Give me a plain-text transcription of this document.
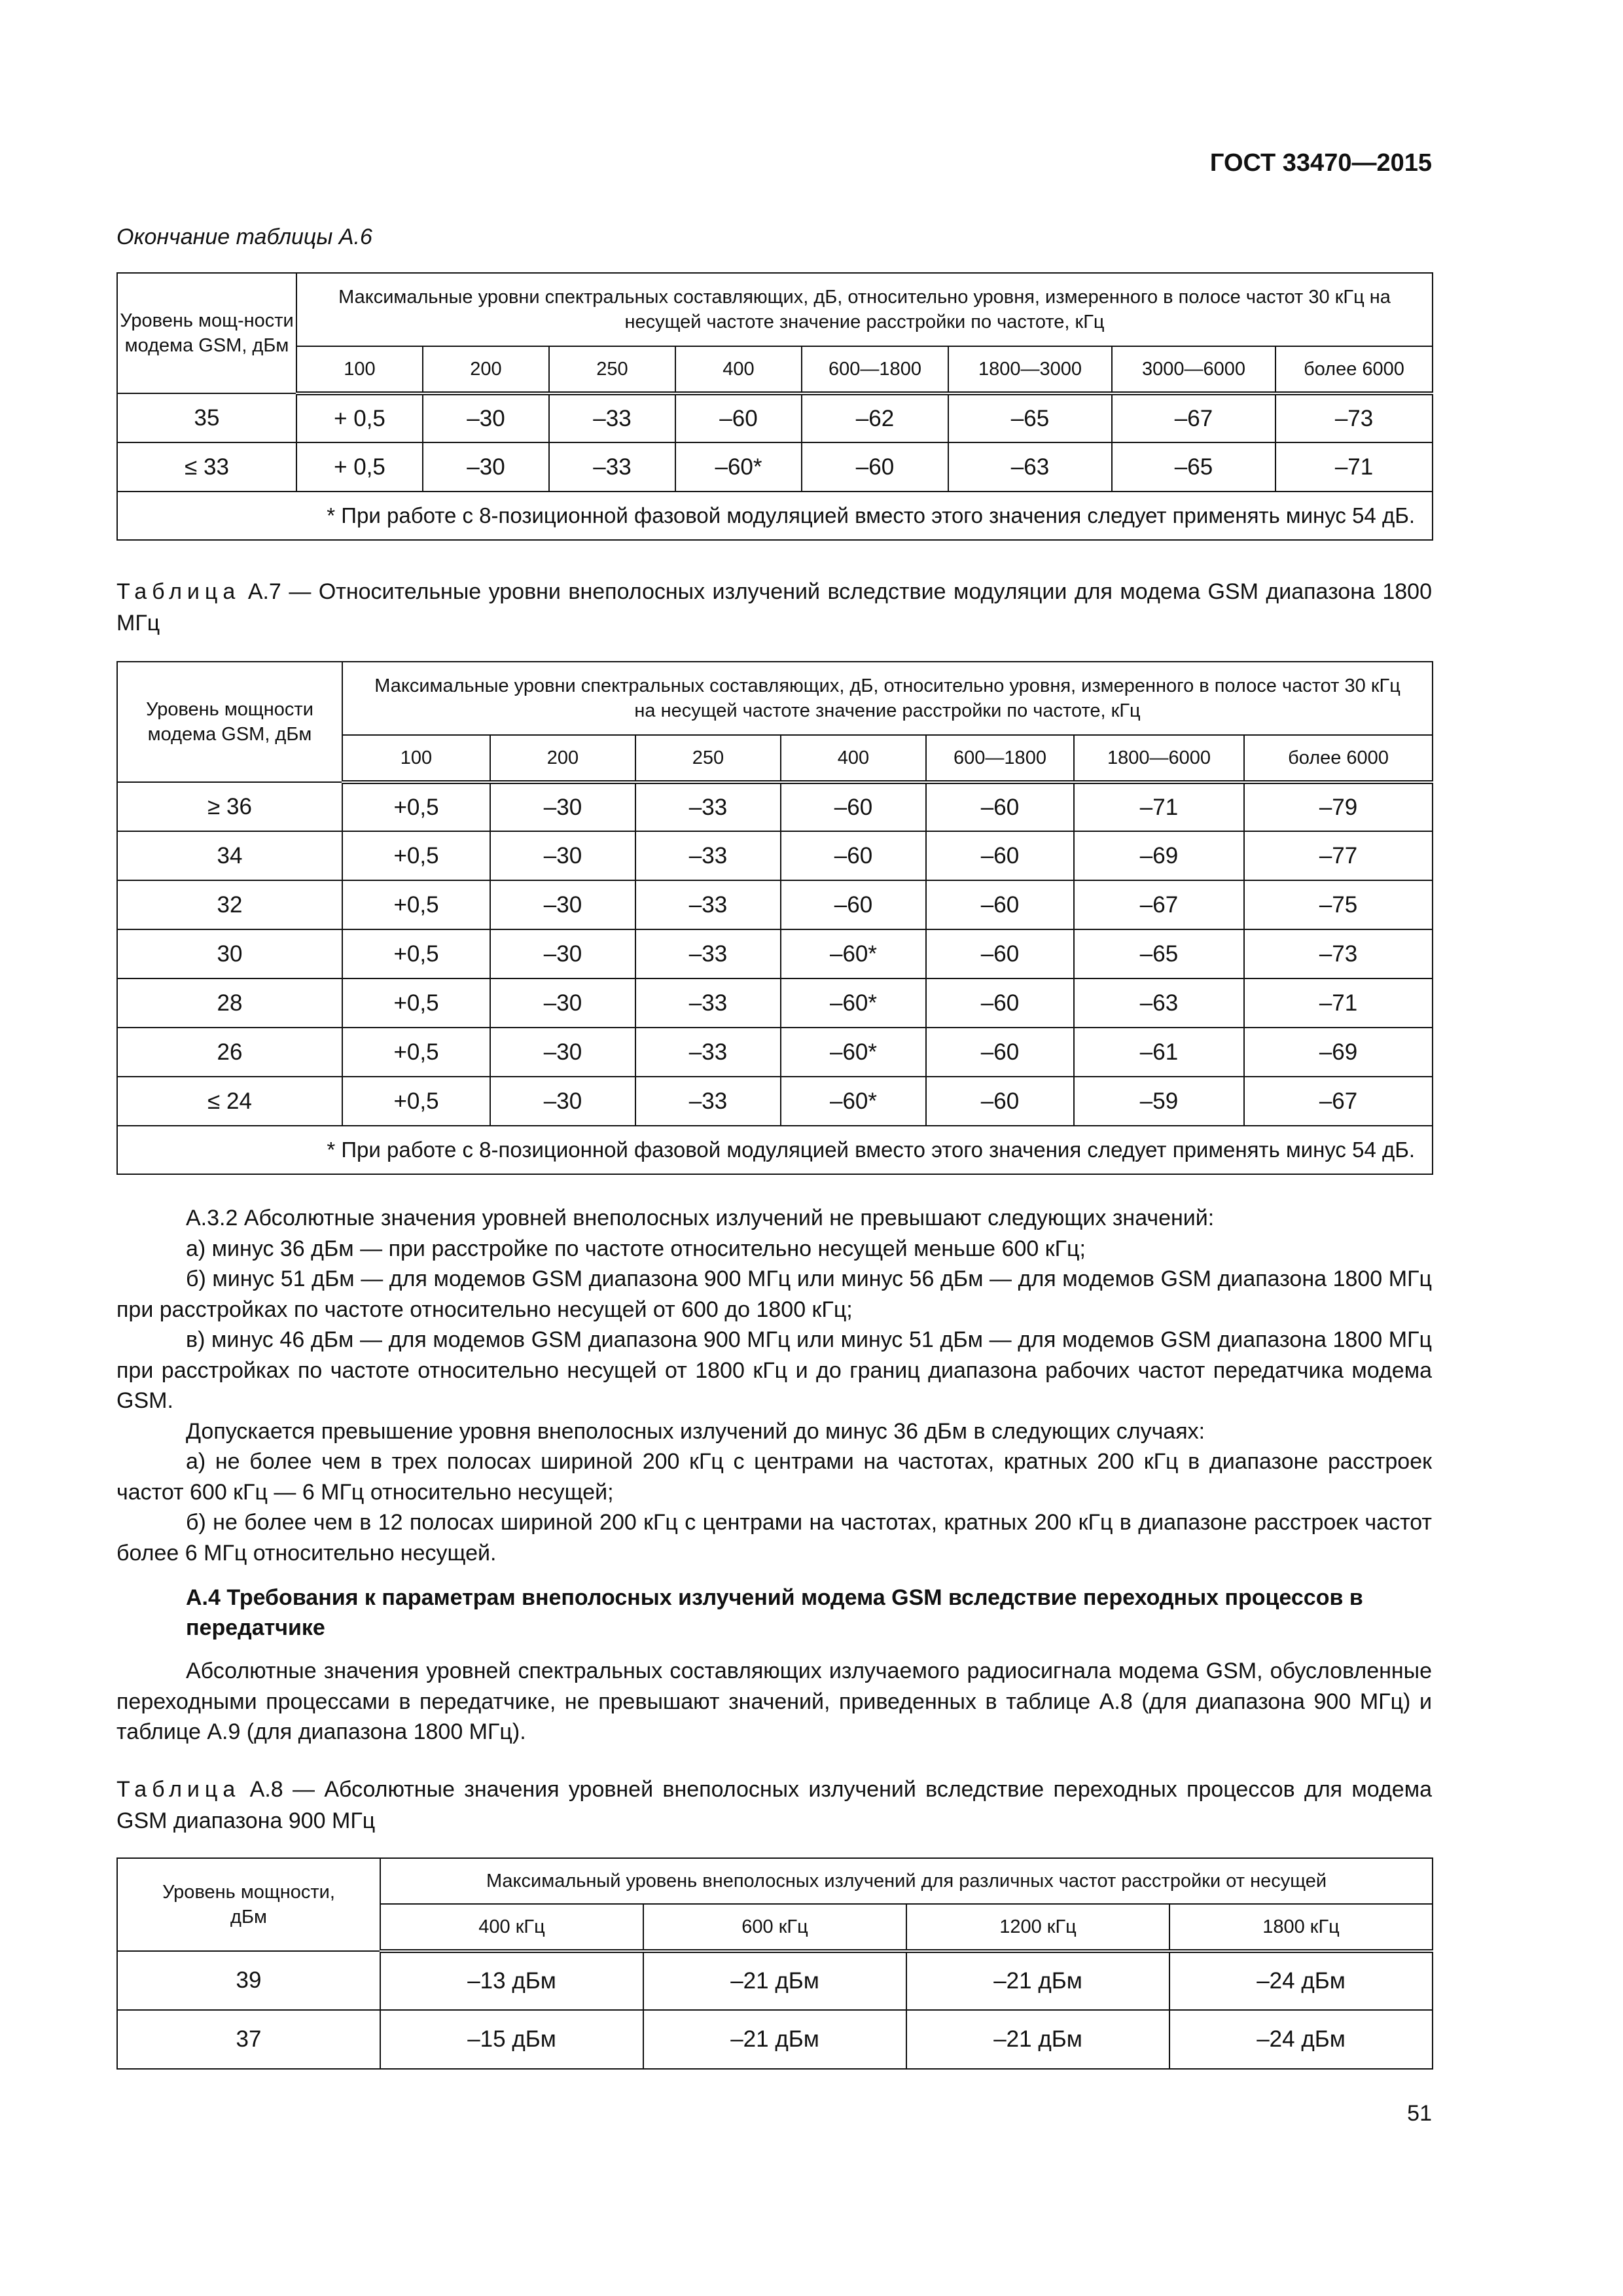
ГОСТ 33470—2015
Окончание таблицы А.6
Уровень мощ-ности модема GSM, дБм	Максимальные уровни спектральных составляющих, дБ, относительно уровня, измеренного в полосе частот 30 кГц на несущей частоте значение расстройки по частоте, кГц							
	100	200	250	400	600—1800	1800—3000	3000—6000	более 6000
35	+ 0,5	–30	–33	–60	–62	–65	–67	–73
≤ 33	+ 0,5	–30	–33	–60*	–60	–63	–65	–71
* При работе с 8-позиционной фазовой модуляцией вместо этого значения следует применять минус 54 дБ.								
Таблица А.7 — Относительные уровни внеполосных излучений вследствие модуляции для модема GSM диапазона 1800 МГц
Уровень мощности модема GSM, дБм	Максимальные уровни спектральных составляющих, дБ, относительно уровня, измеренного в полосе частот 30 кГц на несущей частоте значение расстройки по частоте, кГц						
	100	200	250	400	600—1800	1800—6000	более 6000
≥ 36	+0,5	–30	–33	–60	–60	–71	–79
34	+0,5	–30	–33	–60	–60	–69	–77
32	+0,5	–30	–33	–60	–60	–67	–75
30	+0,5	–30	–33	–60*	–60	–65	–73
28	+0,5	–30	–33	–60*	–60	–63	–71
26	+0,5	–30	–33	–60*	–60	–61	–69
≤ 24	+0,5	–30	–33	–60*	–60	–59	–67
* При работе с 8-позиционной фазовой модуляцией вместо этого значения следует применять минус 54 дБ.							

А.3.2 Абсолютные значения уровней внеполосных излучений не превышают следующих значений:

а) минус 36 дБм — при расстройке по частоте относительно несущей меньше 600 кГц;

б) минус 51 дБм — для модемов GSM диапазона 900 МГц или минус 56 дБм — для модемов GSM диапазона 1800 МГц при расстройках по частоте относительно несущей от 600 до 1800 кГц;

в) минус 46 дБм — для модемов GSM диапазона 900 МГц или минус 51 дБм — для модемов GSM диапазона 1800 МГц при расстройках по частоте относительно несущей от 1800 кГц и до границ диапазона рабочих частот передатчика модема GSM.

Допускается превышение уровня внеполосных излучений до минус 36 дБм в следующих случаях:

а) не более чем в трех полосах шириной 200 кГц с центрами на частотах, кратных 200 кГц в диапазоне расстроек частот 600 кГц — 6 МГц относительно несущей;

б) не более чем в 12 полосах шириной 200 кГц с центрами на частотах, кратных 200 кГц в диапазоне расстроек частот более 6 МГц относительно несущей.

А.4 Требования к параметрам внеполосных излучений модема GSM вследствие переходных процессов в передатчике

Абсолютные значения уровней спектральных составляющих излучаемого радиосигнала модема GSM, обусловленные переходными процессами в передатчике, не превышают значений, приведенных в таблице А.8 (для диапазона 900 МГц) и таблице А.9 (для диапазона 1800 МГц).

Таблица А.8 — Абсолютные значения уровней внеполосных излучений вследствие переходных процессов для модема GSM диапазона 900 МГц
Уровень мощности, дБм	Максимальный уровень внеполосных излучений для различных частот расстройки от несущей			
	400 кГц	600 кГц	1200 кГц	1800 кГц
39	–13 дБм	–21 дБм	–21 дБм	–24 дБм
37	–15 дБм	–21 дБм	–21 дБм	–24 дБм
51
